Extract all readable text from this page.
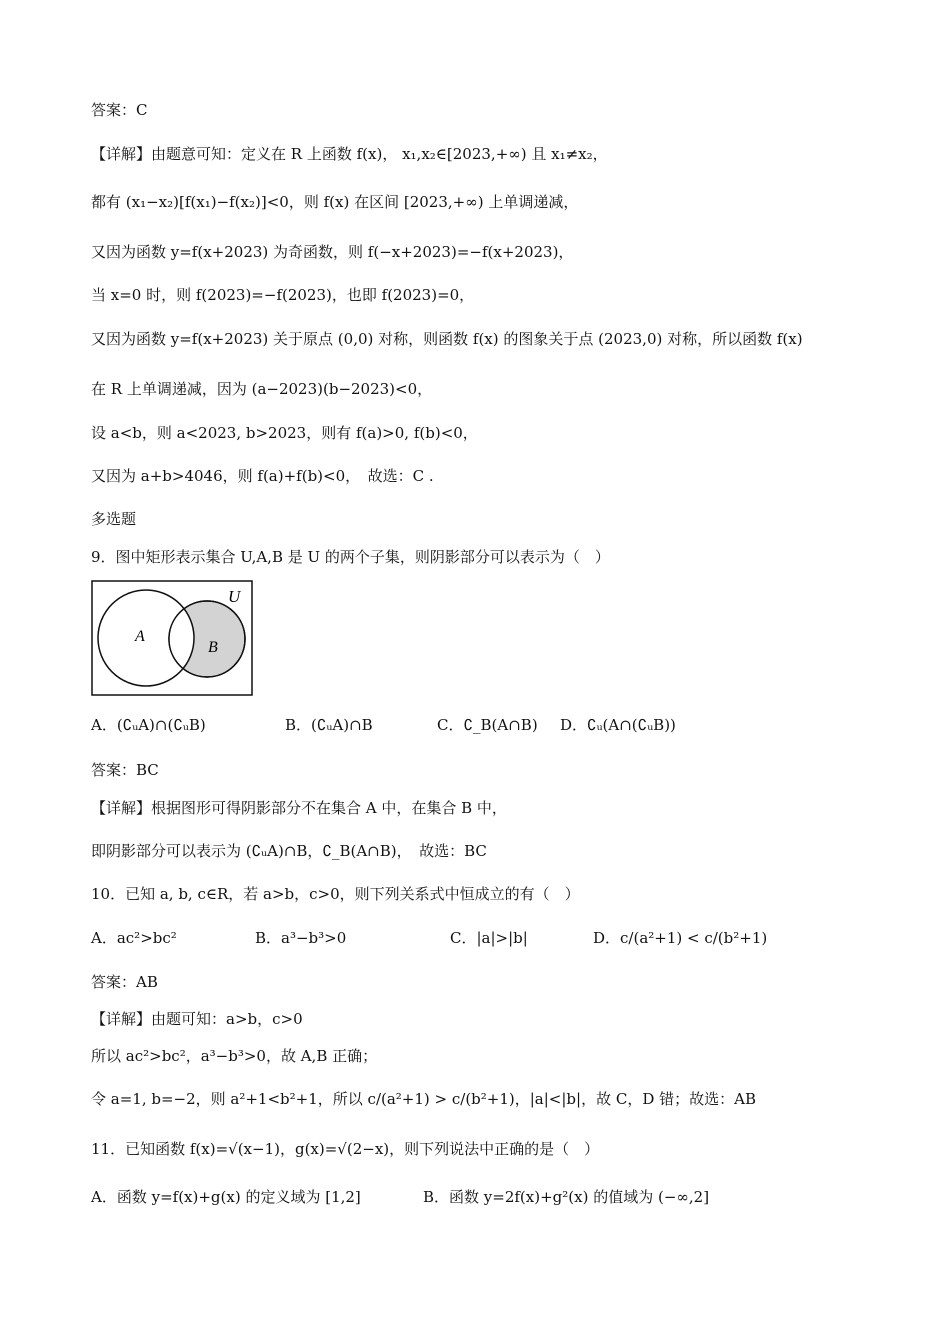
答案：C
【详解】由题意可知：定义在 R 上函数 f(x)， x₁,x₂∈[2023,+∞) 且 x₁≠x₂，
都有 (x₁−x₂)[f(x₁)−f(x₂)]<0，则 f(x) 在区间 [2023,+∞) 上单调递减，
又因为函数 y=f(x+2023) 为奇函数，则 f(−x+2023)=−f(x+2023)，
当 x=0 时，则 f(2023)=−f(2023)，也即 f(2023)=0，
又因为函数 y=f(x+2023) 关于原点 (0,0) 对称，则函数 f(x) 的图象关于点 (2023,0) 对称，所以函数 f(x)
在 R 上单调递减，因为 (a−2023)(b−2023)<0，
设 a<b，则 a<2023, b>2023，则有 f(a)>0, f(b)<0，
又因为 a+b>4046，则 f(a)+f(b)<0，　故选：C .
多选题
9．图中矩形表示集合 U,A,B 是 U 的两个子集，则阴影部分可以表示为（　）
U
A
B
A．(∁ᵤA)∩(∁ᵤB)	B．(∁ᵤA)∩B	C．∁_B(A∩B) D．∁ᵤ(A∩(∁ᵤB))
答案：BC
【详解】根据图形可得阴影部分不在集合 A 中，在集合 B 中，
即阴影部分可以表示为 (∁ᵤA)∩B，∁_B(A∩B)，　故选：BC
10．已知 a, b, c∈R，若 a>b，c>0，则下列关系式中恒成立的有（　）
A．ac²>bc²	B．a³−b³>0	C．|a|>|b|	D．c/(a²+1) < c/(b²+1)
答案：AB
【详解】由题可知：a>b，c>0
所以 ac²>bc²，a³−b³>0，故 A,B 正确；
令 a=1, b=−2，则 a²+1<b²+1，所以 c/(a²+1) > c/(b²+1)，|a|<|b|，故 C，D 错；故选：AB
11．已知函数 f(x)=√(x−1)，g(x)=√(2−x)，则下列说法中正确的是（　）
A．函数 y=f(x)+g(x) 的定义域为 [1,2]	B．函数 y=2f(x)+g²(x) 的值域为 (−∞,2]
